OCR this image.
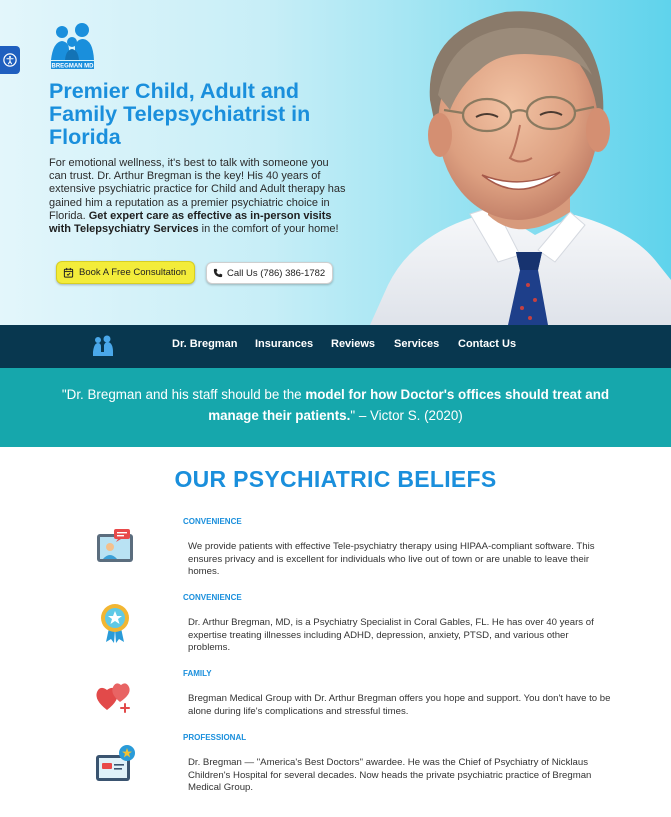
BREGMAN MD
Premier Child, Adult and Family Telepsychiatrist in Florida

For emotional wellness, it's best to talk with someone you can trust. Dr. Arthur Bregman is the key! His 40 years of extensive psychiatric practice for Child and Adult therapy has gained him a reputation as a premier psychiatric choice in Florida. Get expert care as effective as in-person visits with Telepsychiatry Services in the comfort of your home!

Book A Free Consultation	Call Us (786) 386-1782
Dr. Bregman Insurances Reviews Services Contact Us

"Dr. Bregman and his staff should be the model for how Doctor's offices should treat and manage their patients." – Victor S. (2020)

OUR PSYCHIATRIC BELIEFS
CONVENIENCE

We provide patients with effective Tele-psychiatry therapy using HIPAA-compliant software. This ensures privacy and is excellent for individuals who live out of town or are unable to leave their homes.

CONVENIENCE

Dr. Arthur Bregman, MD, is a Psychiatry Specialist in Coral Gables, FL. He has over 40 years of expertise treating illnesses including ADHD, depression, anxiety, PTSD, and various other problems.

FAMILY

Bregman Medical Group with Dr. Arthur Bregman offers you hope and support. You don't have to be alone during life's complications and stressful times.

PROFESSIONAL

Dr. Bregman — "America's Best Doctors" awardee. He was the Chief of Psychiatry of Nicklaus Children's Hospital for several decades. Now heads the private psychiatric practice of Bregman Medical Group.
